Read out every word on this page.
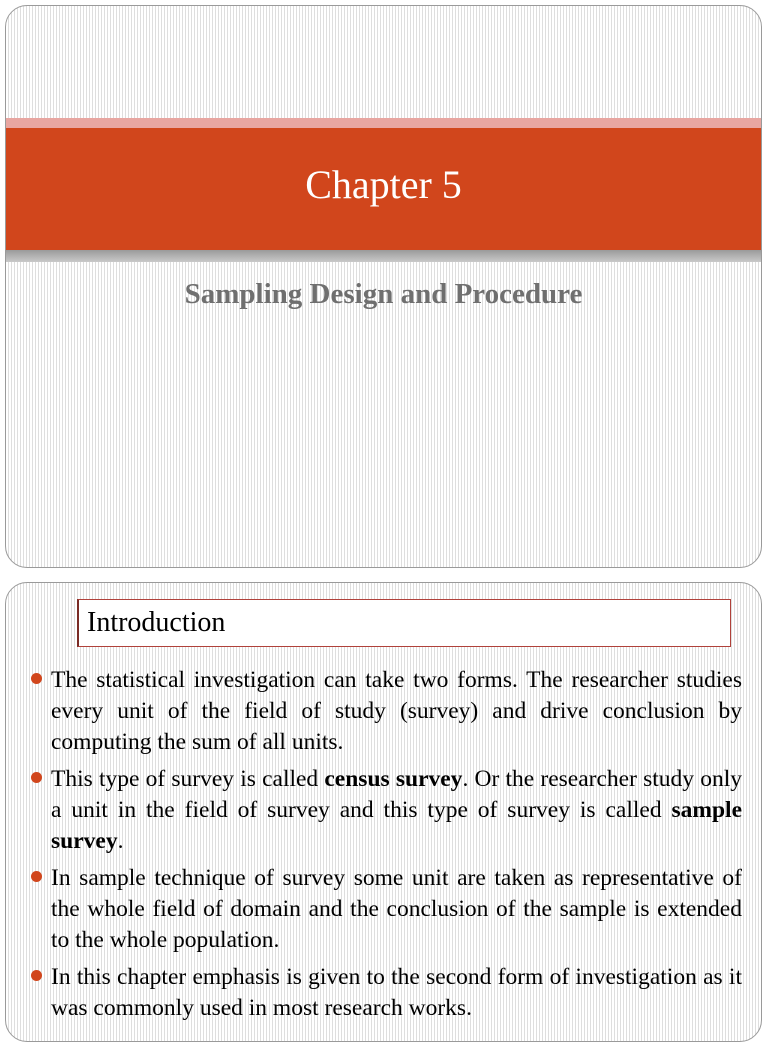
Chapter 5
Sampling Design and Procedure
Introduction
The statistical investigation can take two forms. The researcher studies every unit of the field of study (survey) and drive conclusion by computing the sum of all units.
This type of survey is called census survey. Or the researcher study only a unit in the field of survey and this type of survey is called sample survey.
In sample technique of survey some unit are taken as representative of the whole field of domain and the conclusion of the sample is extended to the whole population.
In this chapter emphasis is given to the second form of investigation as it was commonly used in most research works.
